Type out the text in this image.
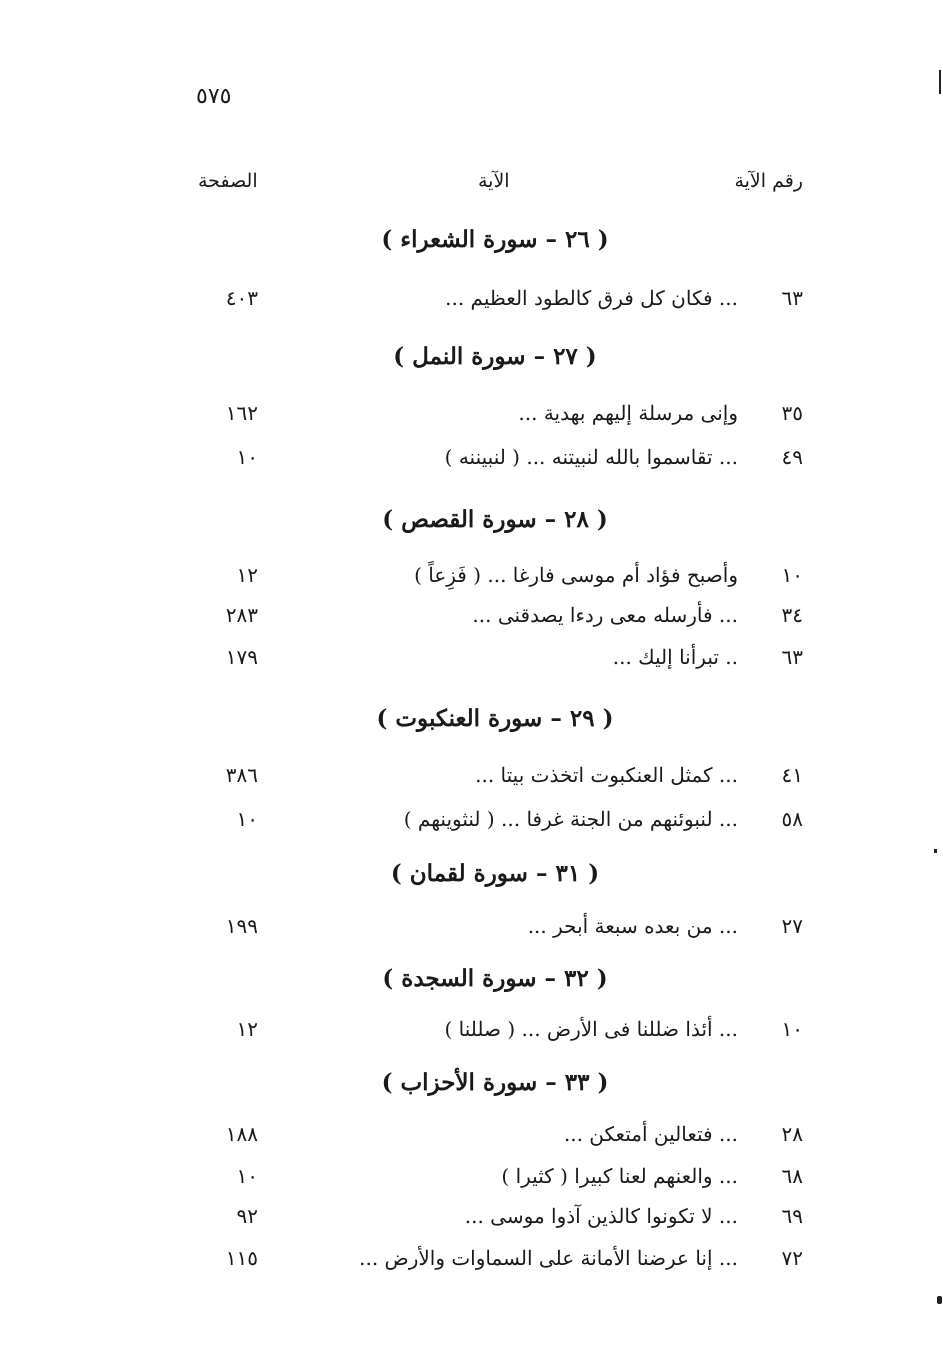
٥٧٥
رقم الآية
الآية
الصفحة
( ٢٦ – سورة الشعراء )
٦٣
... فكان كل فرق كالطود العظيم ...
٤٠٣
( ٢٧ – سورة النمل )
٣٥
وإنى مرسلة إليهم بهدية ...
١٦٢
٤٩
... تقاسموا بالله لنبيتنه ... ( لنبيننه )
١٠
( ٢٨ – سورة القصص )
١٠
وأصبح فؤاد أم موسى فارغا ... ( فَزِعاً )
١٢
٣٤
... فأرسله معى ردءا يصدقنى ...
٢٨٣
٦٣
.. تبرأنا إليك ...
١٧٩
( ٢٩ – سورة العنكبوت )
٤١
... كمثل العنكبوت اتخذت بيتا ...
٣٨٦
٥٨
... لنبوئنهم من الجنة غرفا ... ( لنثوينهم )
١٠
( ٣١ – سورة لقمان )
٢٧
... من بعده سبعة أبحر ...
١٩٩
( ٣٢ – سورة السجدة )
١٠
... أئذا ضللنا فى الأرض ... ( صللنا )
١٢
( ٣٣ – سورة الأحزاب )
٢٨
... فتعالين أمتعكن ...
١٨٨
٦٨
... والعنهم لعنا كبيرا ( كثيرا )
١٠
٦٩
... لا تكونوا كالذين آذوا موسى ...
٩٢
٧٢
... إنا عرضنا الأمانة على السماوات والأرض ...
١١٥
